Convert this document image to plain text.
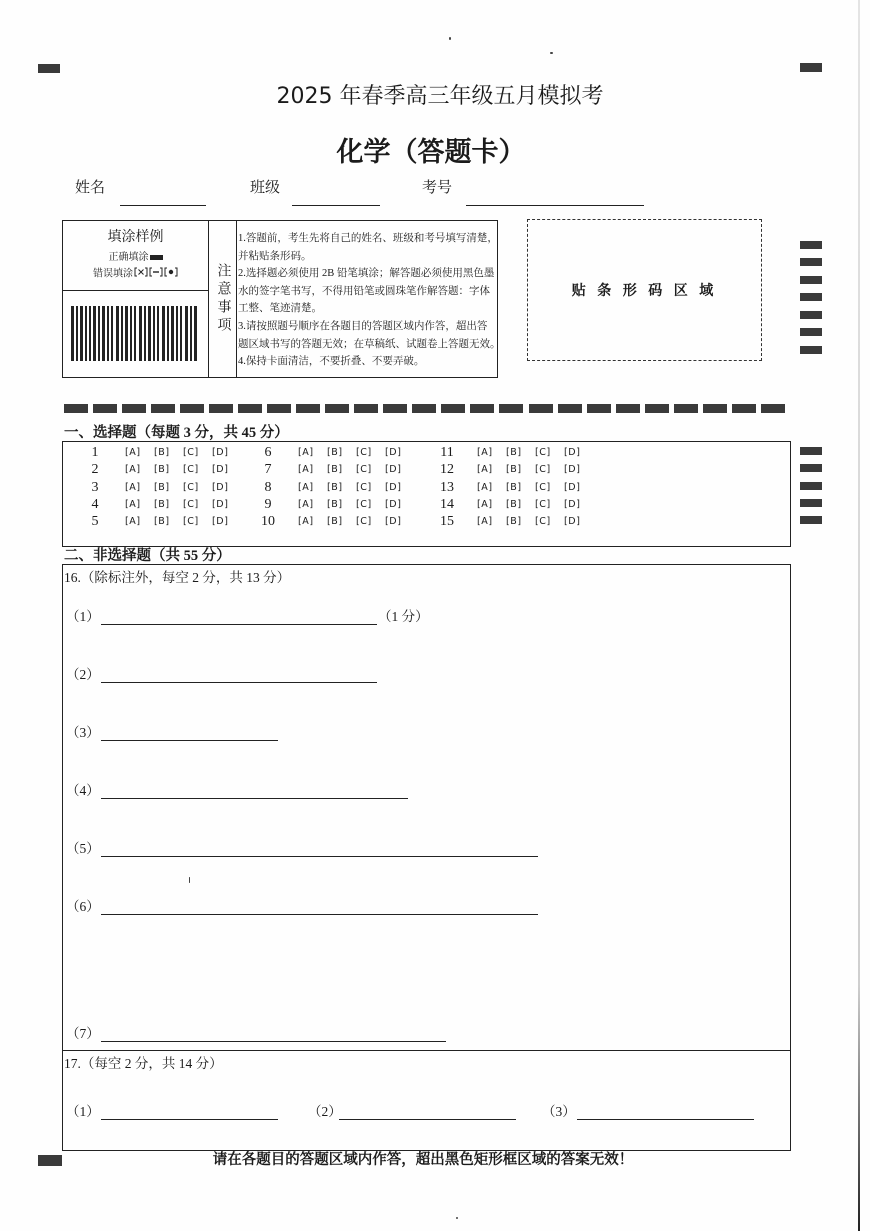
2025 年春季高三年级五月模拟考
化学（答题卡）
姓名	班级	考号
填涂样例
正确填涂
错误填涂	注意事项
1.答题前，考生先将自己的姓名、班级和考号填写清楚，
并粘贴条形码。
2.选择题必须使用 2B 铅笔填涂；解答题必须使用黑色墨
水的签字笔书写，不得用铅笔或圆珠笔作解答题：字体
工整、笔迹清楚。
3.请按照题号顺序在各题目的答题区域内作答，超出答
题区域书写的答题无效；在草稿纸、试题卷上答题无效。
4.保持卡面清洁，不要折叠、不要弄破。
贴 条 形 码 区 域
一、选择题（每题 3 分，共 45 分）
1	[A]	[B]	[C]	[D]
2	[A]	[B]	[C]	[D]
3	[A]	[B]	[C]	[D]
4	[A]	[B]	[C]	[D]
5	[A]	[B]	[C]	[D]
6	[A]	[B]	[C]	[D]
7	[A]	[B]	[C]	[D]
8	[A]	[B]	[C]	[D]
9	[A]	[B]	[C]	[D]
10	[A]	[B]	[C]	[D]
11	[A]	[B]	[C]	[D]
12	[A]	[B]	[C]	[D]
13	[A]	[B]	[C]	[D]
14	[A]	[B]	[C]	[D]
15	[A]	[B]	[C]	[D]
二、非选择题（共 55 分）
16.（除标注外，每空 2 分，共 13 分）
（1）	（1 分）
（2）
（3）
（4）
（5）
（6）
（7）
17.（每空 2 分，共 14 分）
（1）	（2）	（3）
请在各题目的答题区域内作答，超出黑色矩形框区域的答案无效！
